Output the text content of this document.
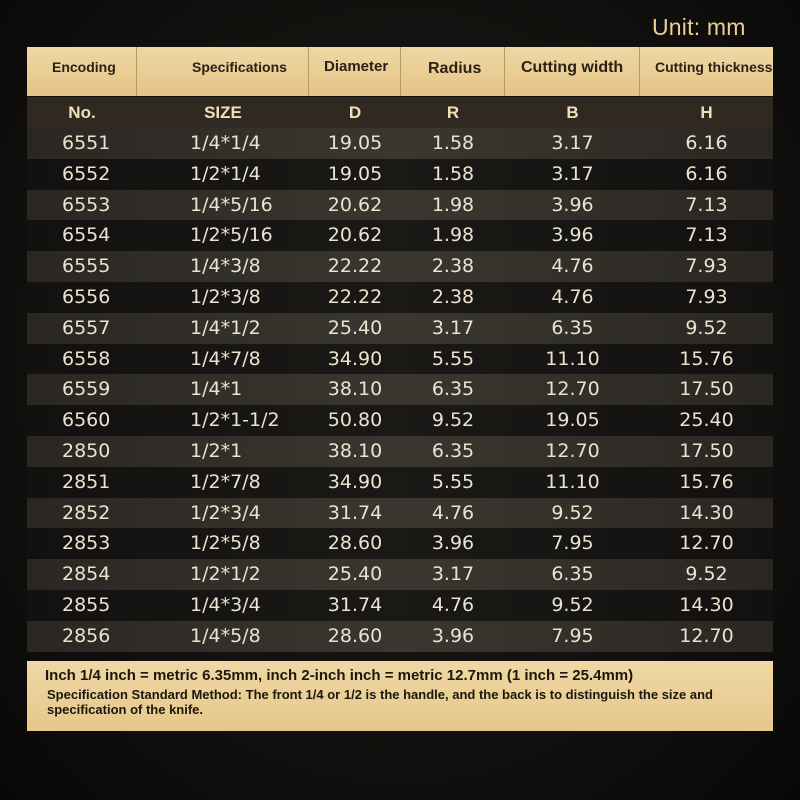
Unit: mm
Encoding	Specifications	Diameter	Radius	Cutting width	Cutting thickness
No.	SIZE	D	R	B	H
6551	1/4*1/4	19.05	1.58	3.17	6.16
6552	1/2*1/4	19.05	1.58	3.17	6.16
6553	1/4*5/16	20.62	1.98	3.96	7.13
6554	1/2*5/16	20.62	1.98	3.96	7.13
6555	1/4*3/8	22.22	2.38	4.76	7.93
6556	1/2*3/8	22.22	2.38	4.76	7.93
6557	1/4*1/2	25.40	3.17	6.35	9.52
6558	1/4*7/8	34.90	5.55	11.10	15.76
6559	1/4*1	38.10	6.35	12.70	17.50
6560	1/2*1-1/2	50.80	9.52	19.05	25.40
2850	1/2*1	38.10	6.35	12.70	17.50
2851	1/2*7/8	34.90	5.55	11.10	15.76
2852	1/2*3/4	31.74	4.76	9.52	14.30
2853	1/2*5/8	28.60	3.96	7.95	12.70
2854	1/2*1/2	25.40	3.17	6.35	9.52
2855	1/4*3/4	31.74	4.76	9.52	14.30
2856	1/4*5/8	28.60	3.96	7.95	12.70
Inch 1/4 inch = metric 6.35mm, inch 2-inch inch = metric 12.7mm (1 inch = 25.4mm)
Specification Standard Method: The front 1/4 or 1/2 is the handle, and the back is to distinguish the size and specification of the knife.
